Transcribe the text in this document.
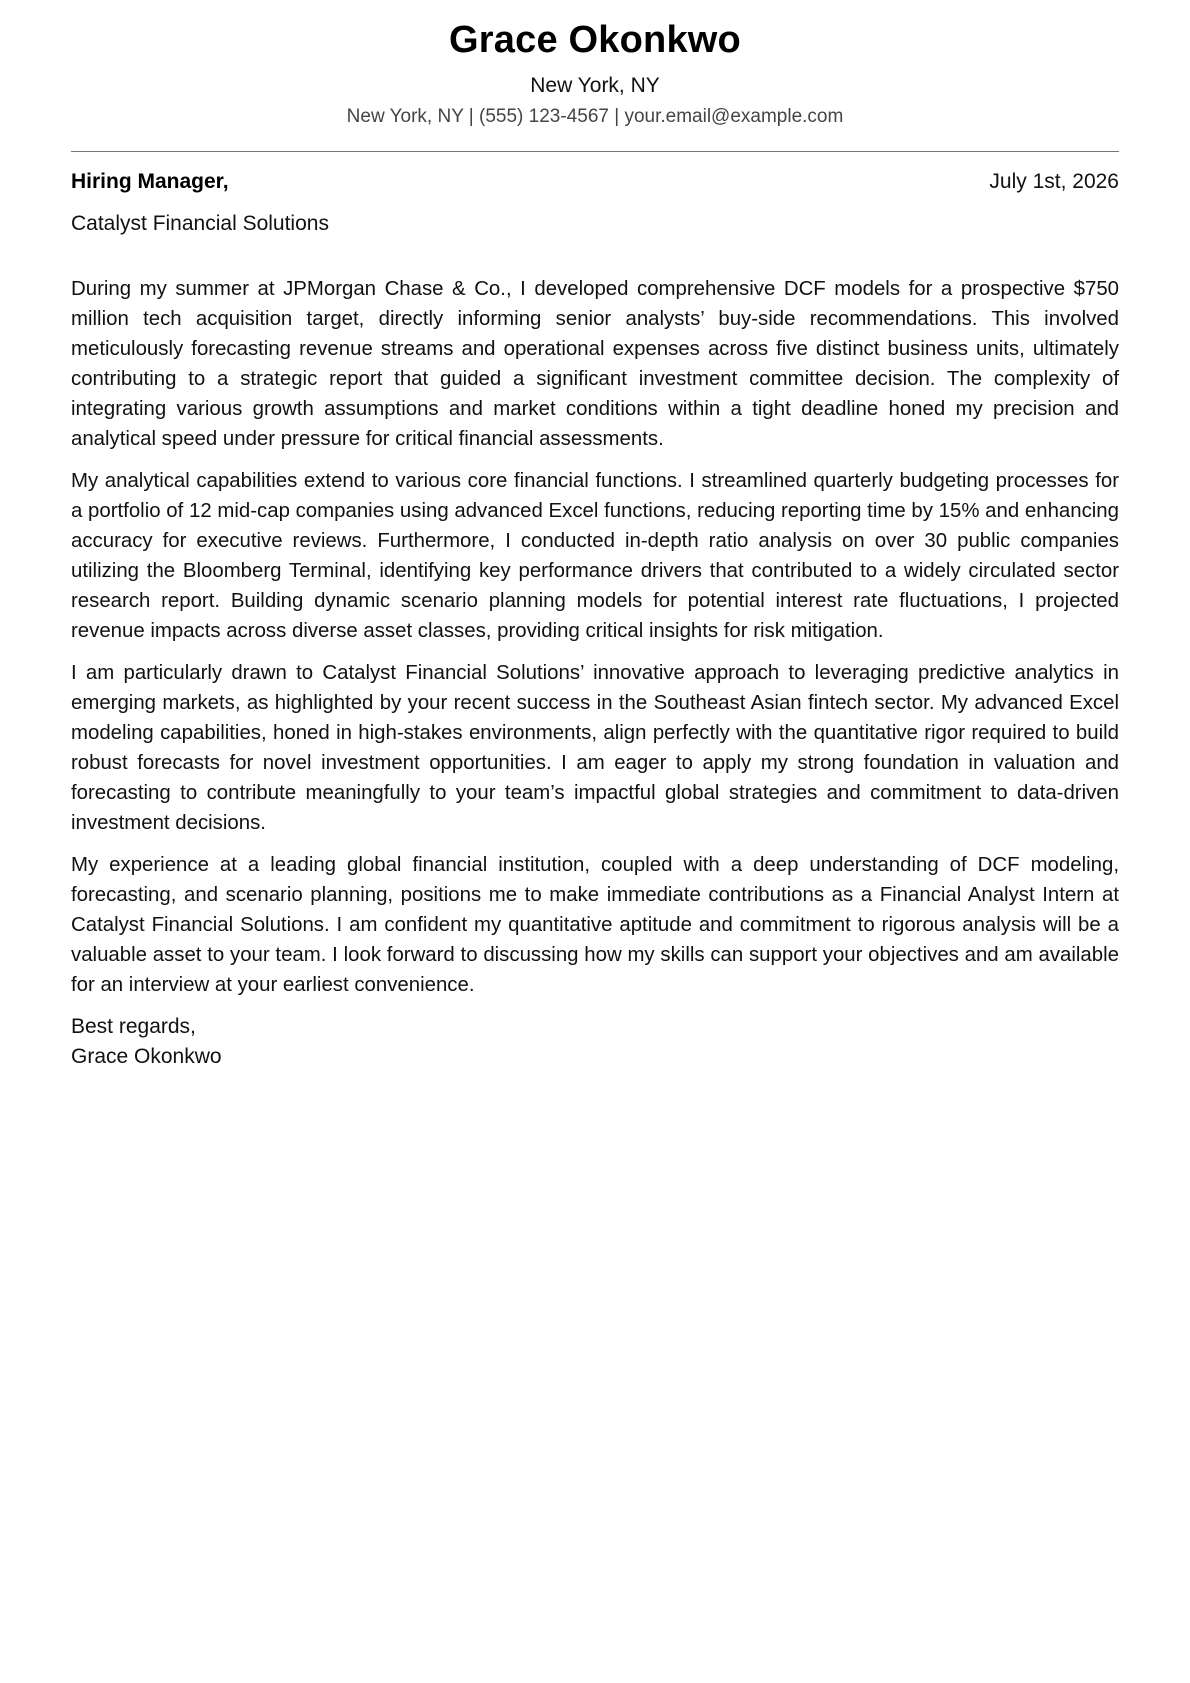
Grace Okonkwo
New York, NY
New York, NY | (555) 123-4567 | your.email@example.com
Hiring Manager,	July 1st, 2026
Catalyst Financial Solutions

During my summer at JPMorgan Chase & Co., I developed comprehensive DCF models for a prospective $750 million tech acquisition target, directly informing senior analysts’ buy-side recommendations. This involved meticulously forecasting revenue streams and operational expenses across five distinct business units, ultimately contributing to a strategic report that guided a significant investment committee decision. The complexity of integrating various growth assumptions and market conditions within a tight deadline honed my precision and analytical speed under pressure for critical financial assessments.

My analytical capabilities extend to various core financial functions. I streamlined quarterly budgeting processes for a portfolio of 12 mid-cap companies using advanced Excel functions, reducing reporting time by 15% and enhancing accuracy for executive reviews. Furthermore, I conducted in-depth ratio analysis on over 30 public companies utilizing the Bloomberg Terminal, identifying key performance drivers that contributed to a widely circulated sector research report. Building dynamic scenario planning models for potential interest rate fluctuations, I projected revenue impacts across diverse asset classes, providing critical insights for risk mitigation.

I am particularly drawn to Catalyst Financial Solutions’ innovative approach to leveraging predictive analytics in emerging markets, as highlighted by your recent success in the Southeast Asian fintech sector. My advanced Excel modeling capabilities, honed in high-stakes environments, align perfectly with the quantitative rigor required to build robust forecasts for novel investment opportunities. I am eager to apply my strong foundation in valuation and forecasting to contribute meaningfully to your team’s impactful global strategies and commitment to data-driven investment decisions.

My experience at a leading global financial institution, coupled with a deep understanding of DCF modeling, forecasting, and scenario planning, positions me to make immediate contributions as a Financial Analyst Intern at Catalyst Financial Solutions. I am confident my quantitative aptitude and commitment to rigorous analysis will be a valuable asset to your team. I look forward to discussing how my skills can support your objectives and am available for an interview at your earliest convenience.

Best regards,
Grace Okonkwo
